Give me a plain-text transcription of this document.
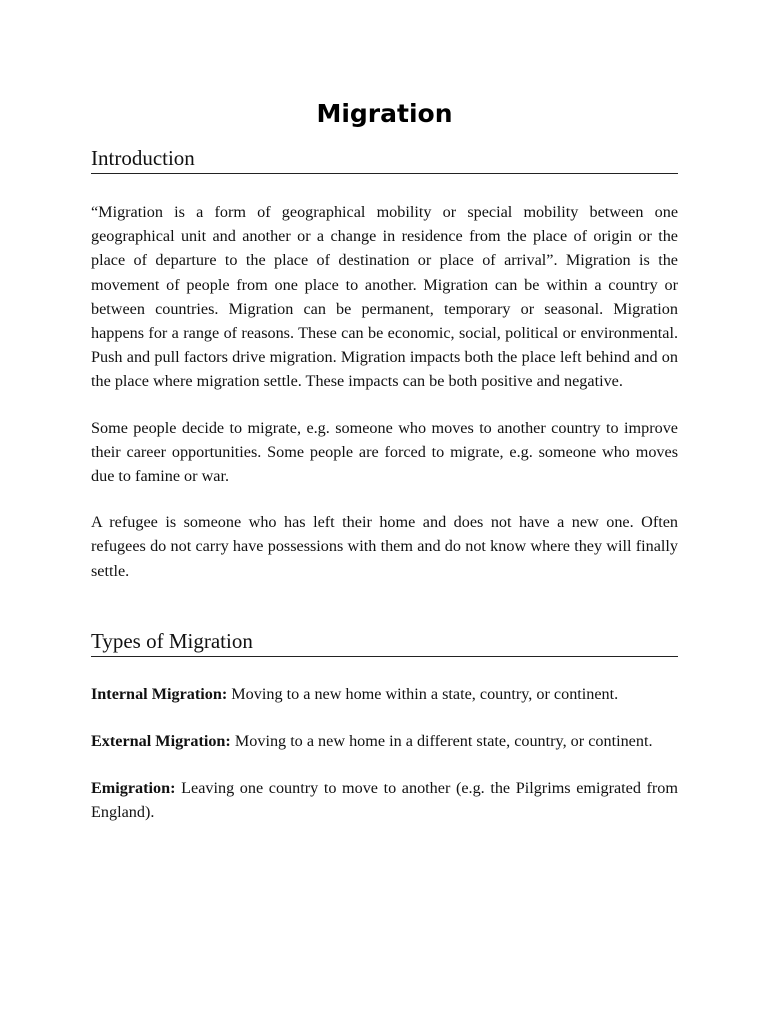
Migration
Introduction

“Migration is a form of geographical mobility or special mobility between one geographical unit and another or a change in residence from the place of origin or the place of departure to the place of destination or place of arrival”. Migration is the movement of people from one place to another. Migration can be within a country or between countries. Migration can be permanent, temporary or seasonal. Migration happens for a range of reasons. These can be economic, social, political or environmental. Push and pull factors drive migration. Migration impacts both the place left behind and on the place where migration settle. These impacts can be both positive and negative.

Some people decide to migrate, e.g. someone who moves to another country to improve their career opportunities. Some people are forced to migrate, e.g. someone who moves due to famine or war.

A refugee is someone who has left their home and does not have a new one. Often refugees do not carry have possessions with them and do not know where they will finally settle.

Types of Migration

Internal Migration: Moving to a new home within a state, country, or continent.

External Migration: Moving to a new home in a different state, country, or continent.

Emigration: Leaving one country to move to another (e.g. the Pilgrims emigrated from England).
